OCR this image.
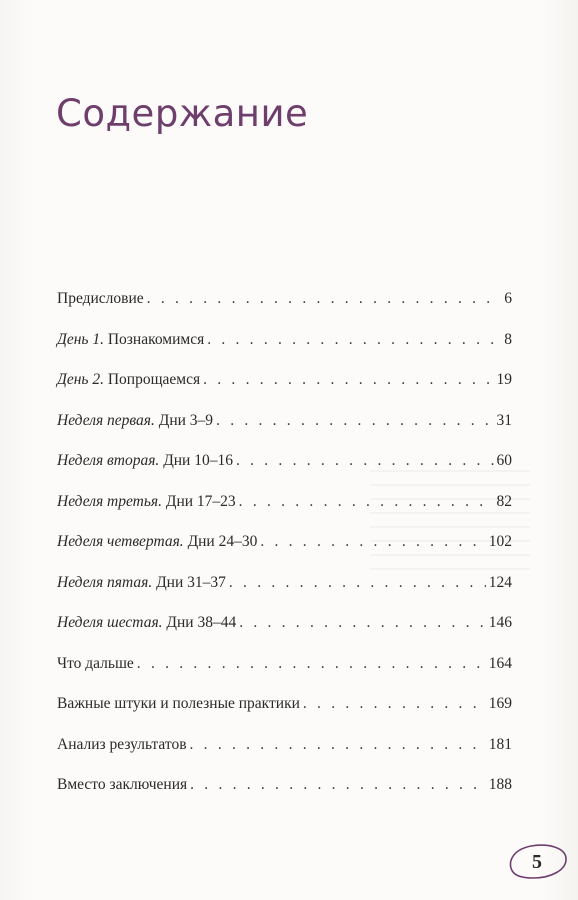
Содержание
Предисловие . . .	6
День 1. Познакомимся . . .	8
День 2. Попрощаемся . . .	19
Неделя первая. Дни 3–9 . . .	31
Неделя вторая. Дни 10–16 . . .	60
Неделя третья. Дни 17–23 . . .	82
Неделя четвертая. Дни 24–30 . . .	102
Неделя пятая. Дни 31–37 . . .	124
Неделя шестая. Дни 38–44 . . .	146
Что дальше . . .	164
Важные штуки и полезные практики . . .	169
Анализ результатов . . .	181
Вместо заключения . . .	188
5
